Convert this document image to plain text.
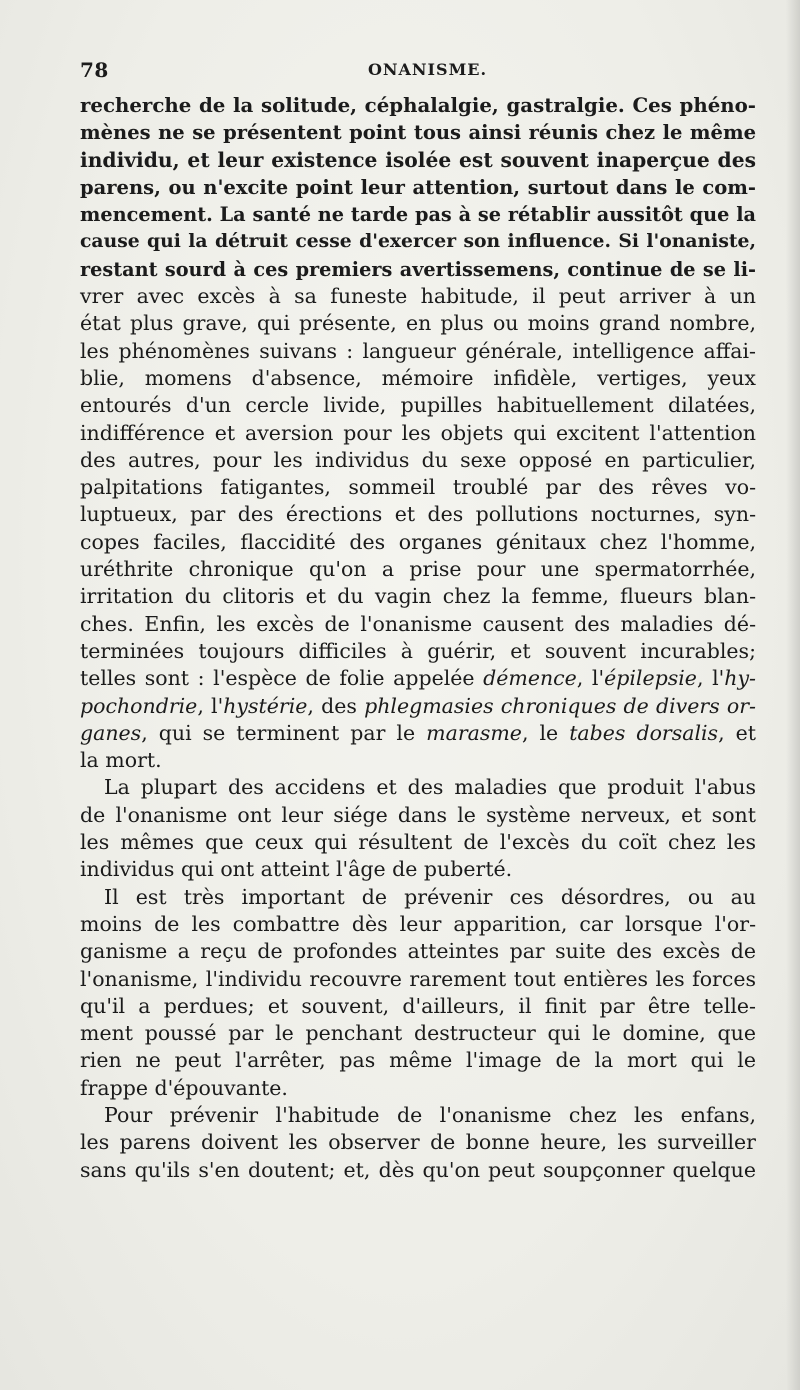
78	ONANISME.
recherche de la solitude, céphalalgie, gastralgie. Ces phéno-
mènes ne se présentent point tous ainsi réunis chez le même
individu, et leur existence isolée est souvent inaperçue des
parens, ou n'excite point leur attention, surtout dans le com-
mencement. La santé ne tarde pas à se rétablir aussitôt que la
cause qui la détruit cesse d'exercer son influence. Si l'onaniste,
restant sourd à ces premiers avertissemens, continue de se li-
vrer avec excès à sa funeste habitude, il peut arriver à un
état plus grave, qui présente, en plus ou moins grand nombre,
les phénomènes suivans : langueur générale, intelligence affai-
blie, momens d'absence, mémoire infidèle, vertiges, yeux
entourés d'un cercle livide, pupilles habituellement dilatées,
indifférence et aversion pour les objets qui excitent l'attention
des autres, pour les individus du sexe opposé en particulier,
palpitations fatigantes, sommeil troublé par des rêves vo-
luptueux, par des érections et des pollutions nocturnes, syn-
copes faciles, flaccidité des organes génitaux chez l'homme,
uréthrite chronique qu'on a prise pour une spermatorrhée,
irritation du clitoris et du vagin chez la femme, flueurs blan-
ches. Enfin, les excès de l'onanisme causent des maladies dé-
terminées toujours difficiles à guérir, et souvent incurables;
telles sont : l'espèce de folie appelée démence, l'épilepsie, l'hy-
pochondrie, l'hystérie, des phlegmasies chroniques de divers or-
ganes, qui se terminent par le marasme, le tabes dorsalis, et
la mort.
La plupart des accidens et des maladies que produit l'abus
de l'onanisme ont leur siége dans le système nerveux, et sont
les mêmes que ceux qui résultent de l'excès du coït chez les
individus qui ont atteint l'âge de puberté.
Il est très important de prévenir ces désordres, ou au
moins de les combattre dès leur apparition, car lorsque l'or-
ganisme a reçu de profondes atteintes par suite des excès de
l'onanisme, l'individu recouvre rarement tout entières les forces
qu'il a perdues; et souvent, d'ailleurs, il finit par être telle-
ment poussé par le penchant destructeur qui le domine, que
rien ne peut l'arrêter, pas même l'image de la mort qui le
frappe d'épouvante.
Pour prévenir l'habitude de l'onanisme chez les enfans,
les parens doivent les observer de bonne heure, les surveiller
sans qu'ils s'en doutent; et, dès qu'on peut soupçonner quelque
